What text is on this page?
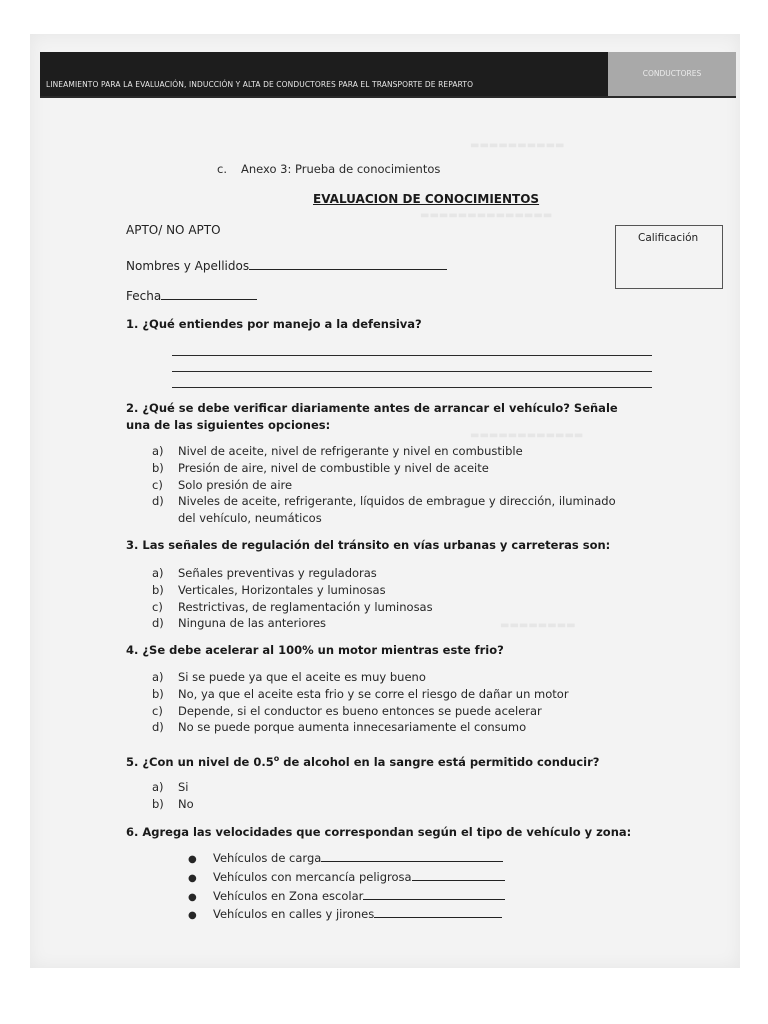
▬▬▬▬▬▬▬▬▬▬
▬▬▬▬▬▬▬▬▬▬▬▬▬▬
▬▬▬▬▬▬▬▬▬▬▬▬
▬▬▬▬▬▬▬▬
LINEAMIENTO PARA LA EVALUACIÓN, INDUCCIÓN Y ALTA DE CONDUCTORES PARA EL TRANSPORTE DE REPARTO
CONDUCTORES
c. Anexo 3: Prueba de conocimientos
EVALUACION DE CONOCIMIENTOS
APTO/ NO APTO
Nombres y Apellidos
Fecha
Calificación
1. ¿Qué entiendes por manejo a la defensiva?
2. ¿Qué se debe verificar diariamente antes de arrancar el vehículo? Señale una de las siguientes opciones:
a)	Nivel de aceite, nivel de refrigerante y nivel en combustible
b)	Presión de aire, nivel de combustible y nivel de aceite
c)	Solo presión de aire
d)	Niveles de aceite, refrigerante, líquidos de embrague y dirección, iluminado del vehículo, neumáticos
3. Las señales de regulación del tránsito en vías urbanas y carreteras son:
a)	Señales preventivas y reguladoras
b)	Verticales, Horizontales y luminosas
c)	Restrictivas, de reglamentación y luminosas
d)	Ninguna de las anteriores
4. ¿Se debe acelerar al 100% un motor mientras este frio?
a)	Si se puede ya que el aceite es muy bueno
b)	No, ya que el aceite esta frio y se corre el riesgo de dañar un motor
c)	Depende, si el conductor es bueno entonces se puede acelerar
d)	No se puede porque aumenta innecesariamente el consumo
5. ¿Con un nivel de 0.5$^o$ de alcohol en la sangre está permitido conducir?
a)	Si
b)	No
6. Agrega las velocidades que correspondan según el tipo de vehículo y zona:
●	Vehículos de carga
●	Vehículos con mercancía peligrosa
●	Vehículos en Zona escolar
●	Vehículos en calles y jirones
